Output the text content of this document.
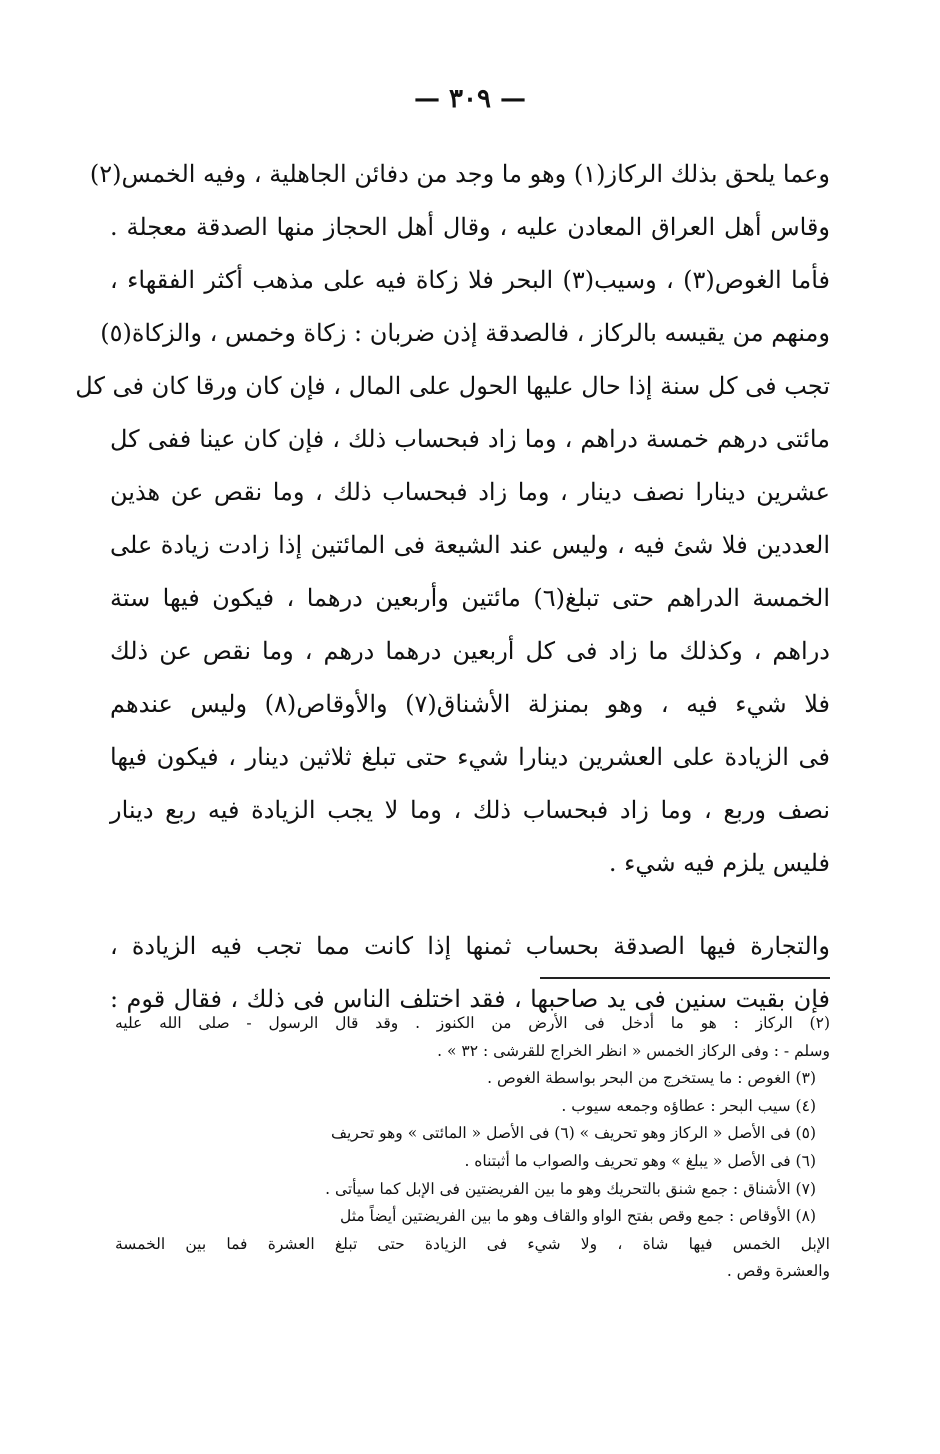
— ٣٠٩ —
وعما يلحق بذلك الركاز(١) وهو ما وجد من دفائن الجاهلية ، وفيه الخمس(٢)
وقاس أهل العراق المعادن عليه ، وقال أهل الحجاز منها الصدقة معجلة .
فأما الغوص(٣) ، وسيب(٣) البحر فلا زكاة فيه على مذهب أكثر الفقهاء ،
ومنهم من يقيسه بالركاز ، فالصدقة إذن ضربان : زكاة وخمس ، والزكاة(٥)
تجب فى كل سنة إذا حال عليها الحول على المال ، فإن كان ورقا كان فى كل
مائتى درهم خمسة دراهم ، وما زاد فبحساب ذلك ، فإن كان عينا ففى كل
عشرين دينارا نصف دينار ، وما زاد فبحساب ذلك ، وما نقص عن هذين
العددين فلا شئ فيه ، وليس عند الشيعة فى المائتين إذا زادت زيادة على
الخمسة الدراهم حتى تبلغ(٦) مائتين وأربعين درهما ، فيكون فيها ستة
دراهم ، وكذلك ما زاد فى كل أربعين درهما درهم ، وما نقص عن ذلك
فلا شيء فيه ، وهو بمنزلة الأشناق(٧) والأوقاص(٨) وليس عندهم
فى الزيادة على العشرين دينارا شيء حتى تبلغ ثلاثين دينار ، فيكون فيها
نصف وربع ، وما زاد فبحساب ذلك ، وما لا يجب الزيادة فيه ربع دينار
فليس يلزم فيه شيء .
والتجارة فيها الصدقة بحساب ثمنها إذا كانت مما تجب فيه الزيادة ،
فإن بقيت سنين فى يد صاحبها ، فقد اختلف الناس فى ذلك ، فقال قوم :
(٢) الركاز : هو ما أدخل فى الأرض من الكنوز . وقد قال الرسول - صلى الله عليه
وسلم - : وفى الركاز الخمس « انظر الخراج للقرشى : ٣٢ » .
(٣) الغوص : ما يستخرج من البحر بواسطة الغوص .
(٤) سيب البحر : عطاؤه وجمعه سيوب .
(٥) فى الأصل « الركاز وهو تحريف » (٦) فى الأصل « المائتى » وهو تحريف
(٦) فى الأصل « يبلغ » وهو تحريف والصواب ما أثبتناه .
(٧) الأشناق : جمع شنق بالتحريك وهو ما بين الفريضتين فى الإبل كما سيأتى .
(٨) الأوقاص : جمع وقص بفتح الواو والقاف وهو ما بين الفريضتين أيضاً مثل
الإبل الخمس فيها شاة ، ولا شيء فى الزيادة حتى تبلغ العشرة فما بين الخمسة
والعشرة وقص .
